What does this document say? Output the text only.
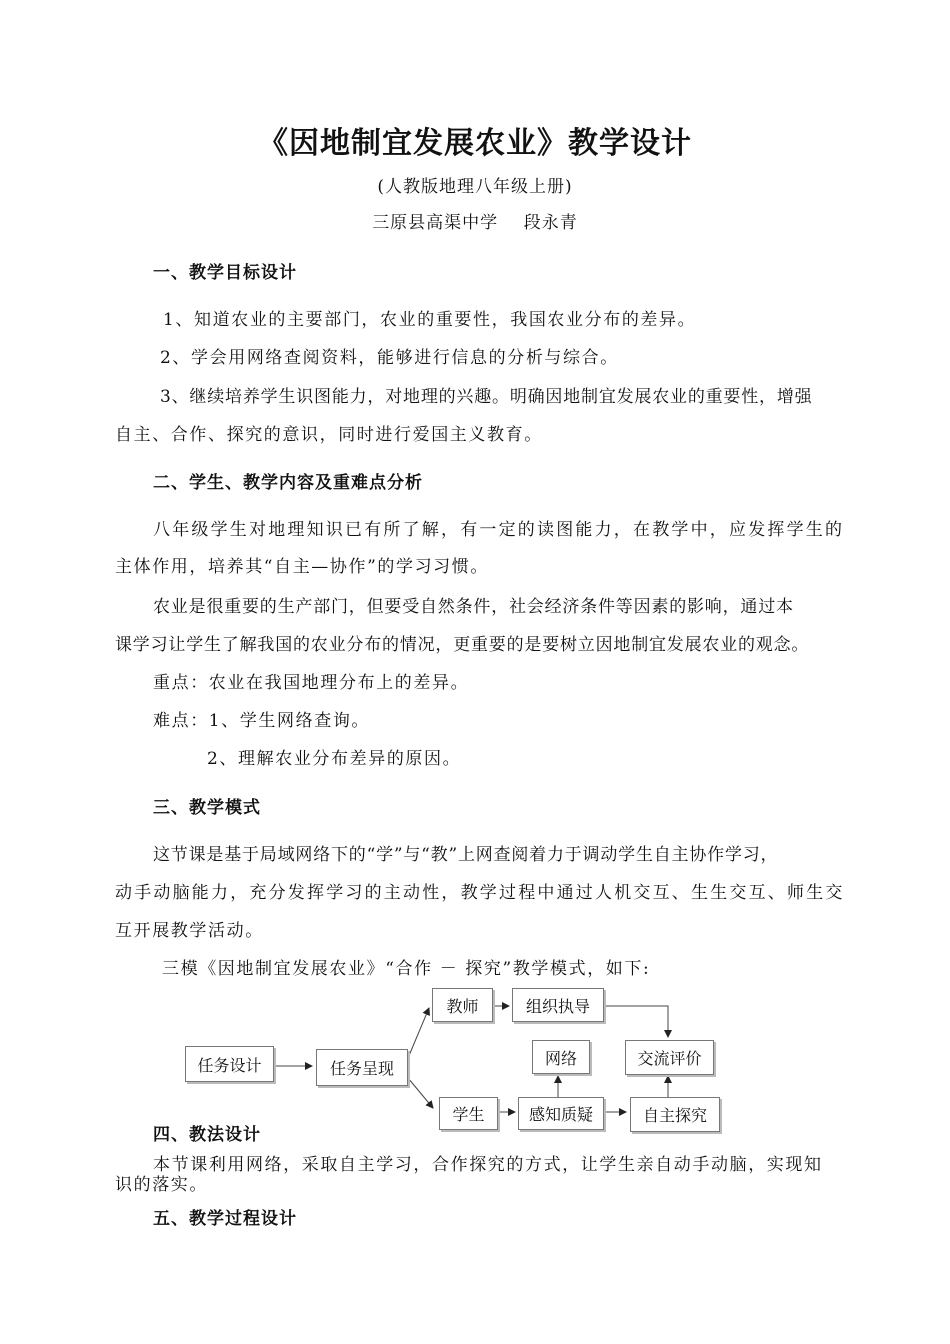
《因地制宜发展农业》教学设计
(人教版地理八年级上册)
三原县高渠中学    段永青
一、教学目标设计
1、知道农业的主要部门，农业的重要性，我国农业分布的差异。
2、学会用网络查阅资料，能够进行信息的分析与综合。
3、继续培养学生识图能力，对地理的兴趣。明确因地制宜发展农业的重要性，增强
自主、合作、探究的意识，同时进行爱国主义教育。
二、学生、教学内容及重难点分析
八年级学生对地理知识已有所了解，有一定的读图能力，在教学中，应发挥学生的
主体作用，培养其“自主—协作”的学习习惯。
农业是很重要的生产部门，但要受自然条件，社会经济条件等因素的影响，通过本
课学习让学生了解我国的农业分布的情况，更重要的是要树立因地制宜发展农业的观念。
重点：农业在我国地理分布上的差异。
难点：1、学生网络查询。
2、理解农业分布差异的原因。
三、教学模式
这节课是基于局域网络下的“学”与“教”上网查阅着力于调动学生自主协作学习，
动手动脑能力，充分发挥学习的主动性，教学过程中通过人机交互、生生交互、师生交
互开展教学活动。
三模《因地制宜发展农业》“合作 － 探究”教学模式，如下:
任务设计	任务呈现
教师	组织执导
网络	交流评价
学生	感知质疑	自主探究
四、教法设计
本节课利用网络，采取自主学习，合作探究的方式，让学生亲自动手动脑，实现知
识的落实。
五、教学过程设计
